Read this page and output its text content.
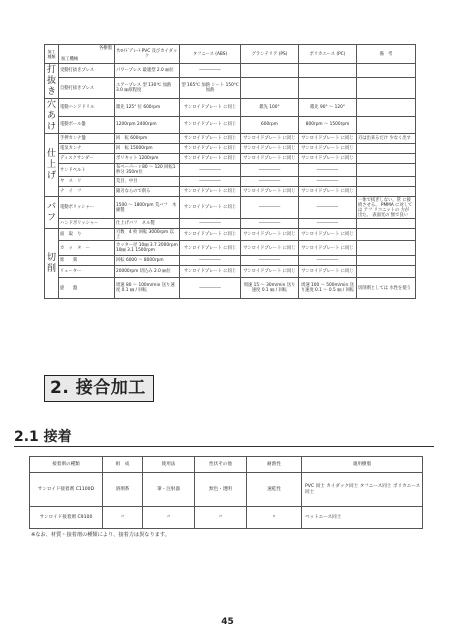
加工種類	各樹脂
加工機械	ｻﾝﾛｲﾄﾞﾌﾟﾚｰﾄ PVC 及びカイダック	タフニース (ABS)	グランテリア (PS)	ポリカエース (PC)	備　考
打抜き	受動打抜きプレス	パワープレス 最適型 2.0 ㎜位	―――――			
	自動打抜きプレス	エアープレス 型 130℃ 加熱 3.0 ㎜厚程度	型 165℃ 加熱 シート 150℃ 加熱			
穴あけ	電動ハンドドリル	錐先 125° 位 600rpm	サンロイドプレート に同じ	錐先 100°	錐先 90° ～ 120°	
	電動ボール盤	1200rpm 2400rpm	サンロイドプレート に同じ	600rpm	800rpm ～ 1500rpm	
仕上げ	手押カンナ盤	回　転 600rpm	サンロイドプレート に同じ	サンロイドプレート に同じ	サンロイドプレート に同じ	刃は出来るだけ 少なく出す
	電気カンナ	回　転 15000rpm	サンロイドプレート に同じ	サンロイドプレート に同じ	サンロイドプレート に同じ	
	ディスクサンダー	ポリキット 1200rpm	サンロイドプレート に同じ	サンロイドプレート に同じ	サンロイドプレート に同じ	
	サンドペルト	布ペーパー ♯ 80 ～ 120 回転1秒分 350m位	―――――	―――――	―――――	
	ヤ　ス　リ	荒目、中目	―――――	―――――	―――――	
	ナ　イ　フ	鋸刃ならので削る	サンロイドプレート に同じ	サンロイドプレート に同じ	サンロイドプレート に同じ	
バフ	電動ポリッシャー	1500 ～ 1800rpm 荒バフ　木綿製	サンロイドプレート に同じ	―――――	―――――	一体で拭ぎしない。常 に接続させる。 PMMA に対しては アフ リコニットの 力が 出た。 表面光の 無で良い
	ハンドポリッシャー	仕上げバフ　ネル製	―――――	―――――	―――――	
切削	面　取　り	刃数　4 枚 回転 3000rpm 以上	サンロイドプレート に同じ	サンロイドプレート に同じ	サンロイドプレート に同じ	
	カ　ッ　タ　ー	カッター径 10㎜ 3.7 2000rpm 10㎜ 3.1 1500rpm	サンロイドプレート に同じ	サンロイドプレート に同じ	サンロイドプレート に同じ	
	彫　　刻	回転 6000 ～ 8000rpm	―――――	―――――	―――――	
	リューター	20000rpm 切込み 2.0 ㎜位	サンロイドプレート に同じ	サンロイドプレート に同じ	サンロイドプレート に同じ	
	旋　　盤	周速 80 ～ 100m/min 送り速度 0.1 ㎜ / 回転	―――――	周速 15 ～ 30m/min 送り速度 0.1 ㎜ / 回転	周速 100 ～ 500m/min 送り速度 0.1 ～ 0.5 ㎜ / 回転	切削剤としては 水性を使う
2. 接合加工
2.1 接着
接着剤の種類	組　成	使用法	性状その他	耐熱性	適用樹脂
サンロイド接着剤 C1100D	溶剤系	筆・注射器	無色・透明	速乾性	PVC 同士 カイダック同士 タフニース同士 ポリカエース同士
サンロイド接着剤 C9100	〃	〃	〃	〃	ペットエース同士
※なお、材質・接着剤の種類により、接着力は異なります。
45
